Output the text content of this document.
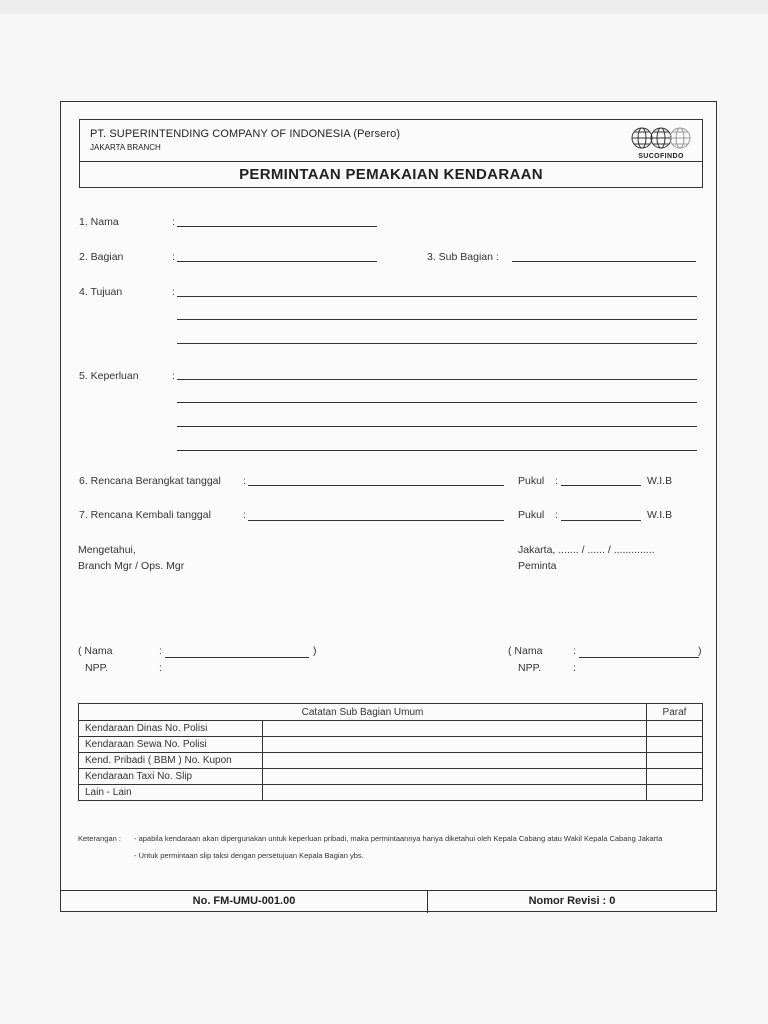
PT. SUPERINTENDING COMPANY OF INDONESIA (Persero)
JAKARTA BRANCH
SUCOFINDO
PERMINTAAN PEMAKAIAN KENDARAAN
1. Nama	:
2. Bagian	:	3. Sub Bagian :
4. Tujuan	:
5. Keperluan	:
6. Rencana Berangkat tanggal :	Pukul :	W.I.B
7. Rencana Kembali tanggal	:	Pukul :	W.I.B
Mengetahui,
Branch Mgr / Ops. Mgr
Jakarta, ....... / ...... / ..............
Peminta
( Nama	:	)
NPP.	:
( Nama	:	)
NPP.	:
Catatan Sub Bagian Umum		Paraf
Kendaraan Dinas No. Polisi		
Kendaraan Sewa No. Polisi		
Kend. Pribadi ( BBM ) No. Kupon		
Kendaraan Taxi No. Slip		
Lain - Lain		
Keterangan : - apabila kendaraan akan dipergunakan untuk keperluan pribadi, maka permintaannya hanya diketahui oleh Kepala Cabang atau Wakil Kepala Cabang Jakarta
- Untuk permintaan slip taksi dengan persetujuan Kepala Bagian ybs.
No. FM-UMU-001.00	Nomor Revisi : 0
